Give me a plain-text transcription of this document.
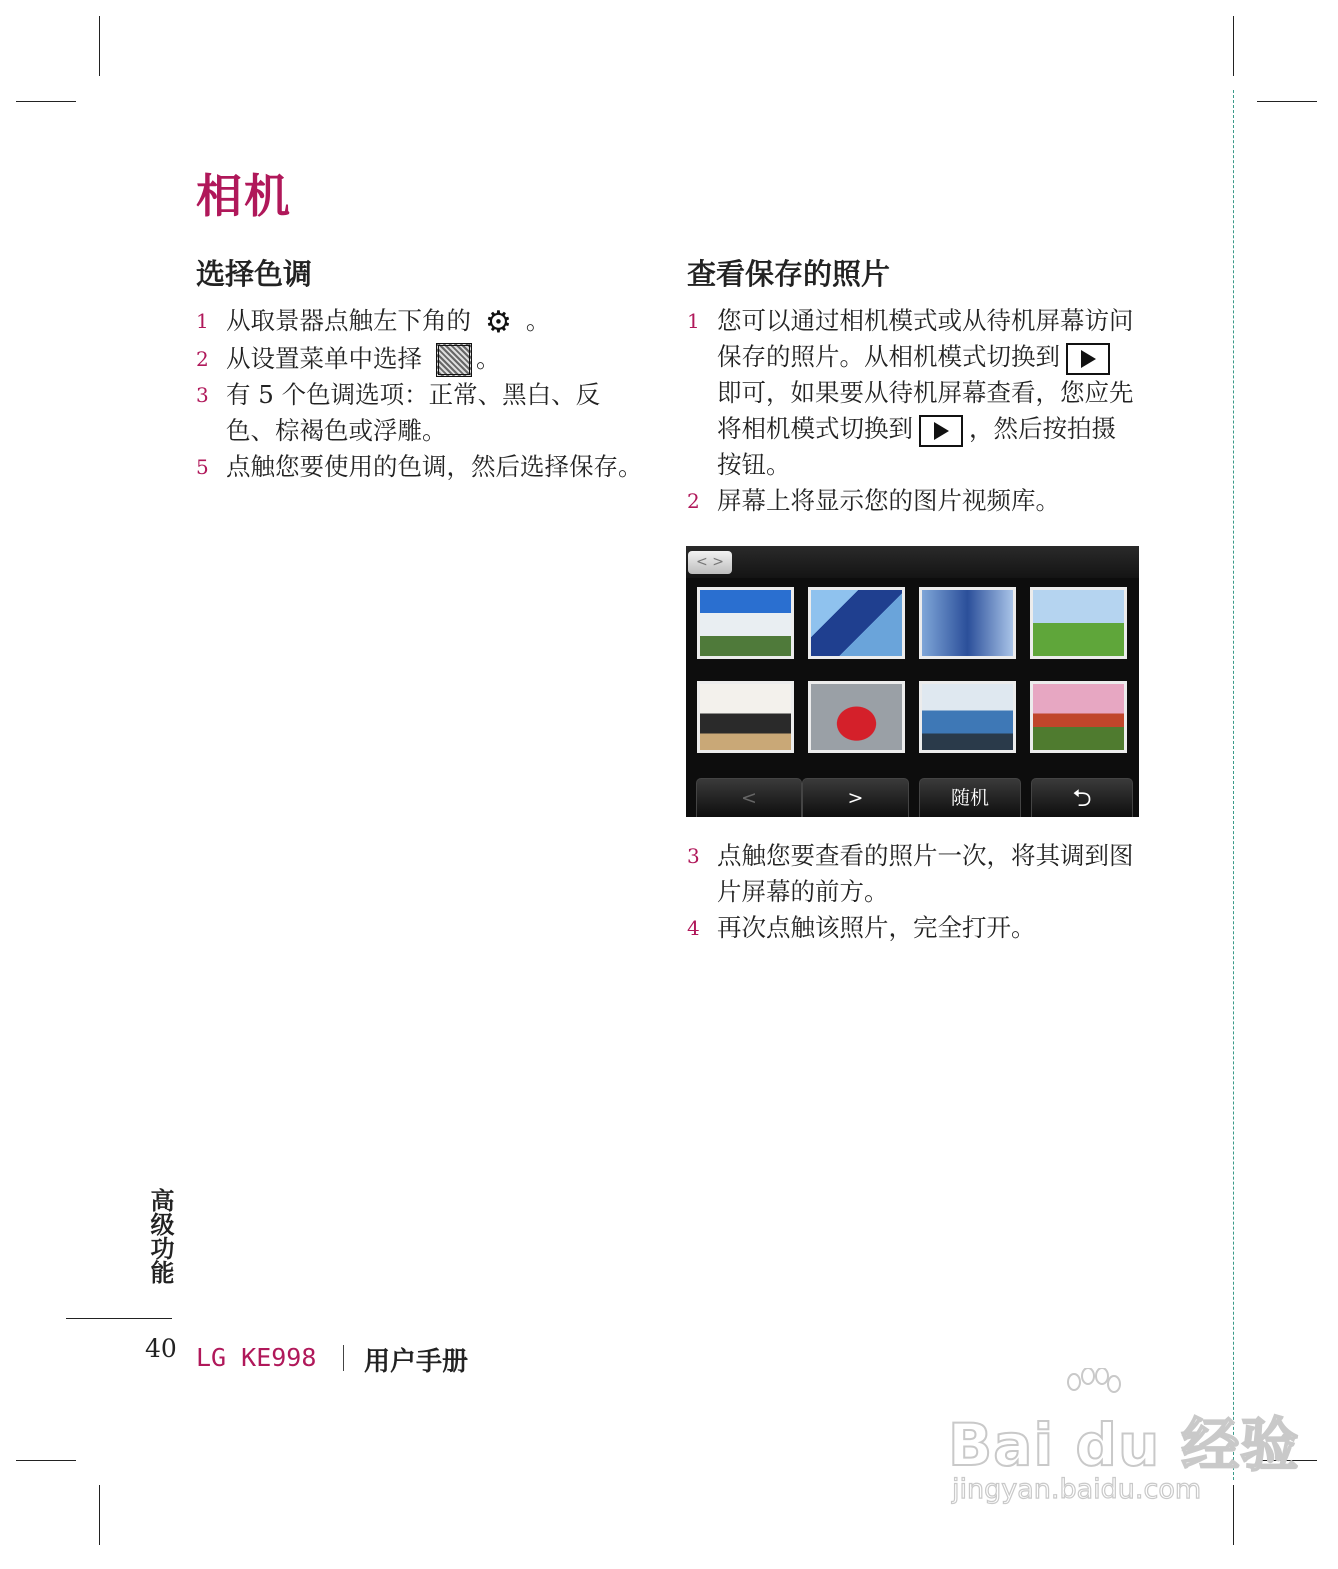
相机
选择色调
1 从取景器点触左下角的 ⚙ 。
2 从设置菜单中选择 。
3 有 5 个色调选项：正常、黑白、反色、棕褐色或浮雕。
5 点触您要使用的色调，然后选择保存。
查看保存的照片
1 您可以通过相机模式或从待机屏幕访问保存的照片。从相机模式切换到即可，如果要从待机屏幕查看，您应先将相机模式切换到 ，然后按拍摄按钮。
2 屏幕上将显示您的图片视频库。
< >
<	>	随机	⮌
3 点触您要查看的照片一次，将其调到图片屏幕的前方。
4 再次点触该照片，完全打开。
高级功能
40 LG KE998 用户手册
Bai du 经验
jingyan.baidu.com
